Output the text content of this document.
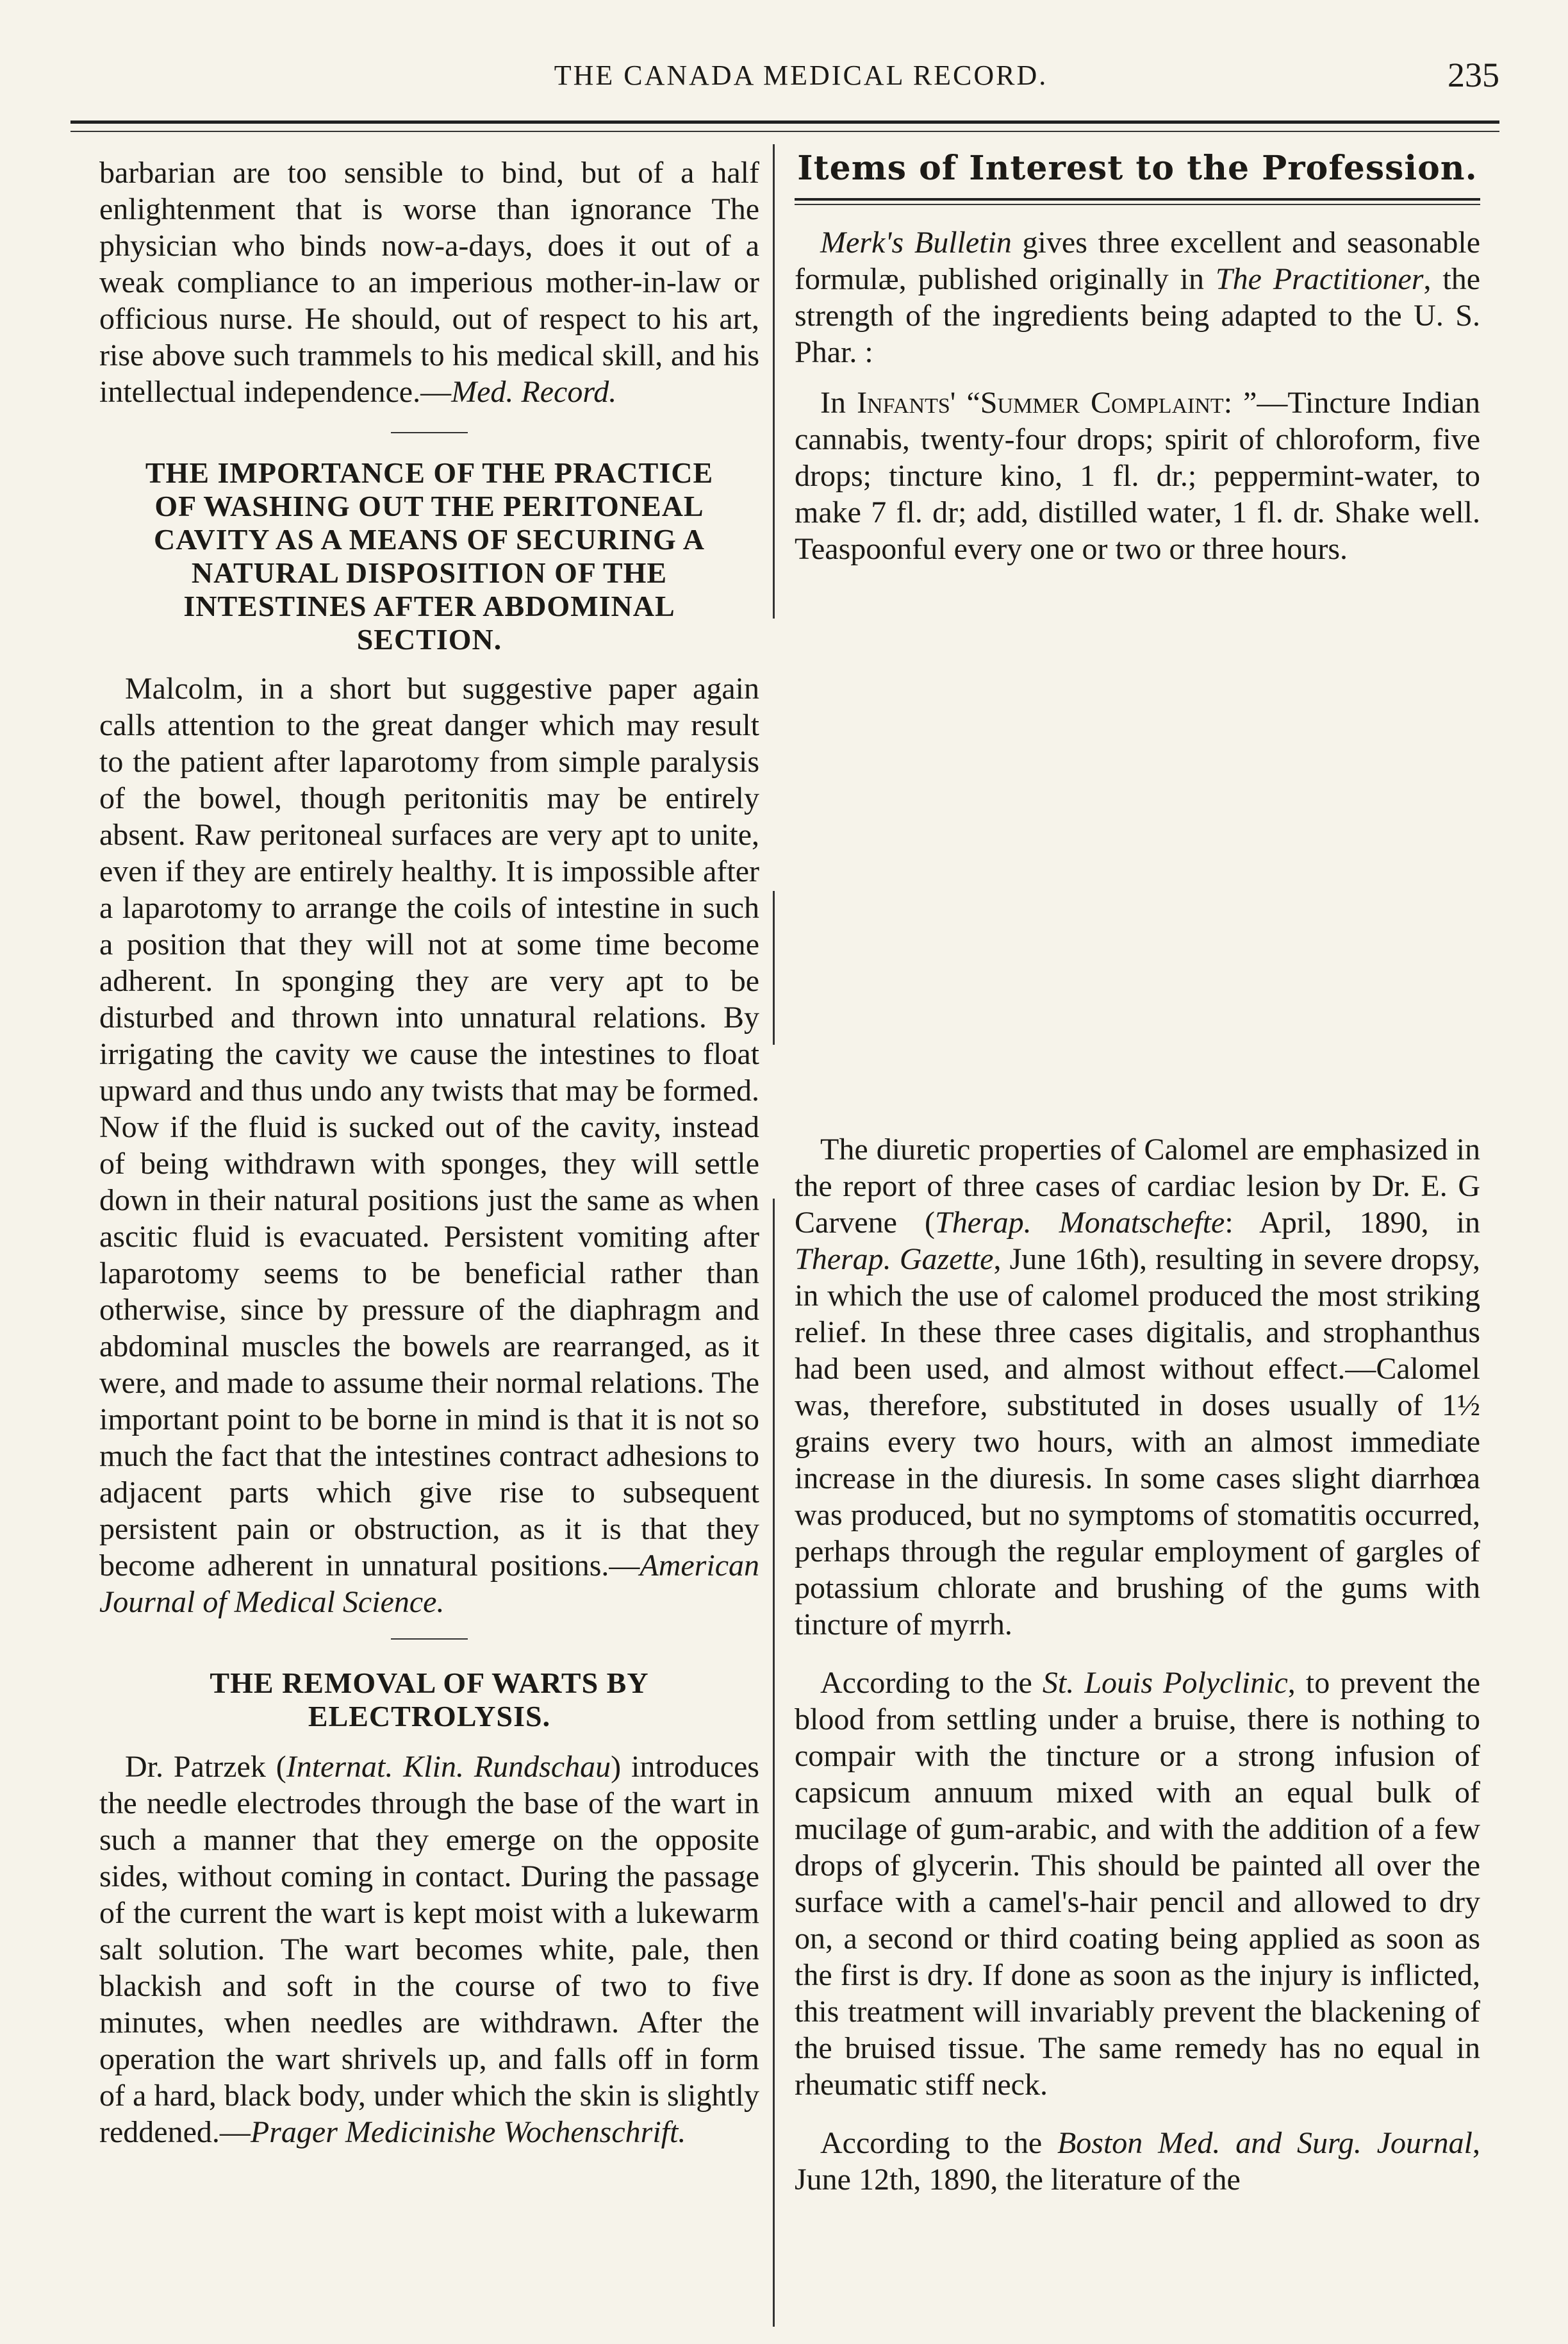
THE CANADA MEDICAL RECORD.	235

barbarian are too sensible to bind, but of a half enlightenment that is worse than ignorance The physician who binds now-a-days, does it out of a weak compliance to an imperious mother-in-law or officious nurse. He should, out of respect to his art, rise above such trammels to his medical skill, and his intellectual independence.—Med. Record.

THE IMPORTANCE OF THE PRACTICE OF WASHING OUT THE PERITONEAL CAVITY AS A MEANS OF SECURING A NATURAL DISPOSITION OF THE INTESTINES AFTER ABDOMINAL SECTION.

Malcolm, in a short but suggestive paper again calls attention to the great danger which may result to the patient after laparotomy from simple paralysis of the bowel, though peritonitis may be entirely absent. Raw peritoneal surfaces are very apt to unite, even if they are entirely healthy. It is impossible after a laparotomy to arrange the coils of intestine in such a position that they will not at some time become adherent. In sponging they are very apt to be disturbed and thrown into unnatural relations. By irrigating the cavity we cause the intestines to float upward and thus undo any twists that may be formed. Now if the fluid is sucked out of the cavity, instead of being withdrawn with sponges, they will settle down in their natural positions just the same as when ascitic fluid is evacuated. Persistent vomiting after laparotomy seems to be beneficial rather than otherwise, since by pressure of the diaphragm and abdominal muscles the bowels are rearranged, as it were, and made to assume their normal relations. The important point to be borne in mind is that it is not so much the fact that the intestines contract adhesions to adjacent parts which give rise to subsequent persistent pain or obstruction, as it is that they become adherent in unnatural positions.—American Journal of Medical Science.

THE REMOVAL OF WARTS BY ELECTROLYSIS.

Dr. Patrzek (Internat. Klin. Rundschau) introduces the needle electrodes through the base of the wart in such a manner that they emerge on the opposite sides, without coming in contact. During the passage of the current the wart is kept moist with a lukewarm salt solution. The wart becomes white, pale, then blackish and soft in the course of two to five minutes, when needles are withdrawn. After the operation the wart shrivels up, and falls off in form of a hard, black body, under which the skin is slightly reddened.—Prager Medicinishe Wochenschrift.

Items of Interest to the Profession.

Merk's Bulletin gives three excellent and seasonable formulæ, published originally in The Practitioner, the strength of the ingredients being adapted to the U. S. Phar. :

In Infants' “Summer Complaint: ”—Tincture Indian cannabis, twenty-four drops; spirit of chloroform, five drops; tincture kino, 1 fl. dr.; peppermint-water, to make 7 fl. dr; add, distilled water, 1 fl. dr. Shake well. Teaspoonful every one or two or three hours.

The diuretic properties of Calomel are emphasized in the report of three cases of cardiac lesion by Dr. E. G Carvene (Therap. Monatschefte: April, 1890, in Therap. Gazette, June 16th), resulting in severe dropsy, in which the use of calomel produced the most striking relief. In these three cases digitalis, and strophanthus had been used, and almost without effect.—Calomel was, therefore, substituted in doses usually of 1½ grains every two hours, with an almost immediate increase in the diuresis. In some cases slight diarrhœa was produced, but no symptoms of stomatitis occurred, perhaps through the regular employment of gargles of potassium chlorate and brushing of the gums with tincture of myrrh.

According to the St. Louis Polyclinic, to prevent the blood from settling under a bruise, there is nothing to compair with the tincture or a strong infusion of capsicum annuum mixed with an equal bulk of mucilage of gum-arabic, and with the addition of a few drops of glycerin. This should be painted all over the surface with a camel's-hair pencil and allowed to dry on, a second or third coating being applied as soon as the first is dry. If done as soon as the injury is inflicted, this treatment will invariably prevent the blackening of the bruised tissue. The same remedy has no equal in rheumatic stiff neck.

According to the Boston Med. and Surg. Journal, June 12th, 1890, the literature of the
